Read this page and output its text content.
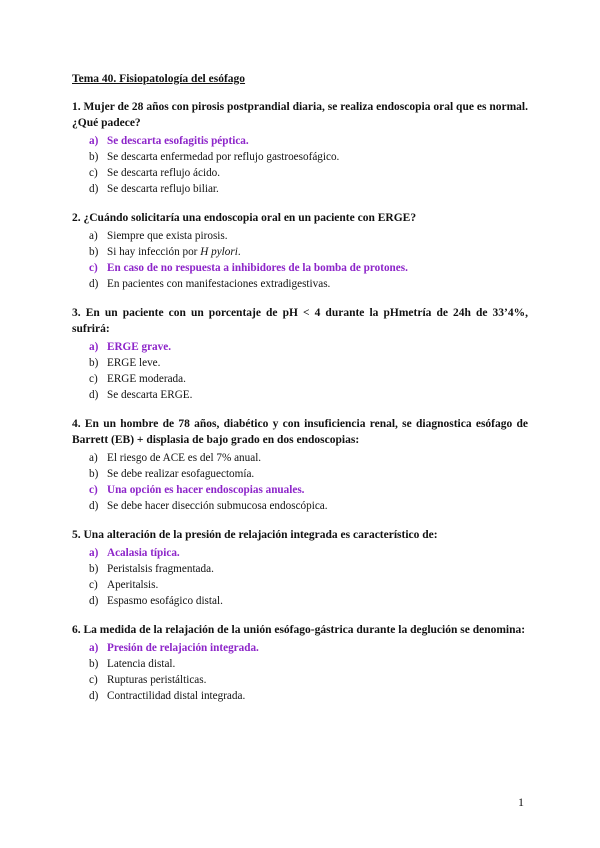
Tema 40. Fisiopatología del esófago

1. Mujer de 28 años con pirosis postprandial diaria, se realiza endoscopia oral que es normal. ¿Qué padece?

a) Se descarta esofagitis péptica.
b) Se descarta enfermedad por reflujo gastroesofágico.
c) Se descarta reflujo ácido.
d) Se descarta reflujo biliar.

2. ¿Cuándo solicitaría una endoscopia oral en un paciente con ERGE?

a) Siempre que exista pirosis.
b) Si hay infección por H pylori.
c) En caso de no respuesta a inhibidores de la bomba de protones.
d) En pacientes con manifestaciones extradigestivas.

3. En un paciente con un porcentaje de pH < 4 durante la pHmetría de 24h de 33’4%, sufrirá:

a) ERGE grave.
b) ERGE leve.
c) ERGE moderada.
d) Se descarta ERGE.

4. En un hombre de 78 años, diabético y con insuficiencia renal, se diagnostica esófago de Barrett (EB) + displasia de bajo grado en dos endoscopias:

a) El riesgo de ACE es del 7% anual.
b) Se debe realizar esofaguectomía.
c) Una opción es hacer endoscopias anuales.
d) Se debe hacer disección submucosa endoscópica.

5. Una alteración de la presión de relajación integrada es característico de:

a) Acalasia típica.
b) Peristalsis fragmentada.
c) Aperitalsis.
d) Espasmo esofágico distal.

6. La medida de la relajación de la unión esófago-gástrica durante la deglución se denomina:

a) Presión de relajación integrada.
b) Latencia distal.
c) Rupturas peristálticas.
d) Contractilidad distal integrada.
1
